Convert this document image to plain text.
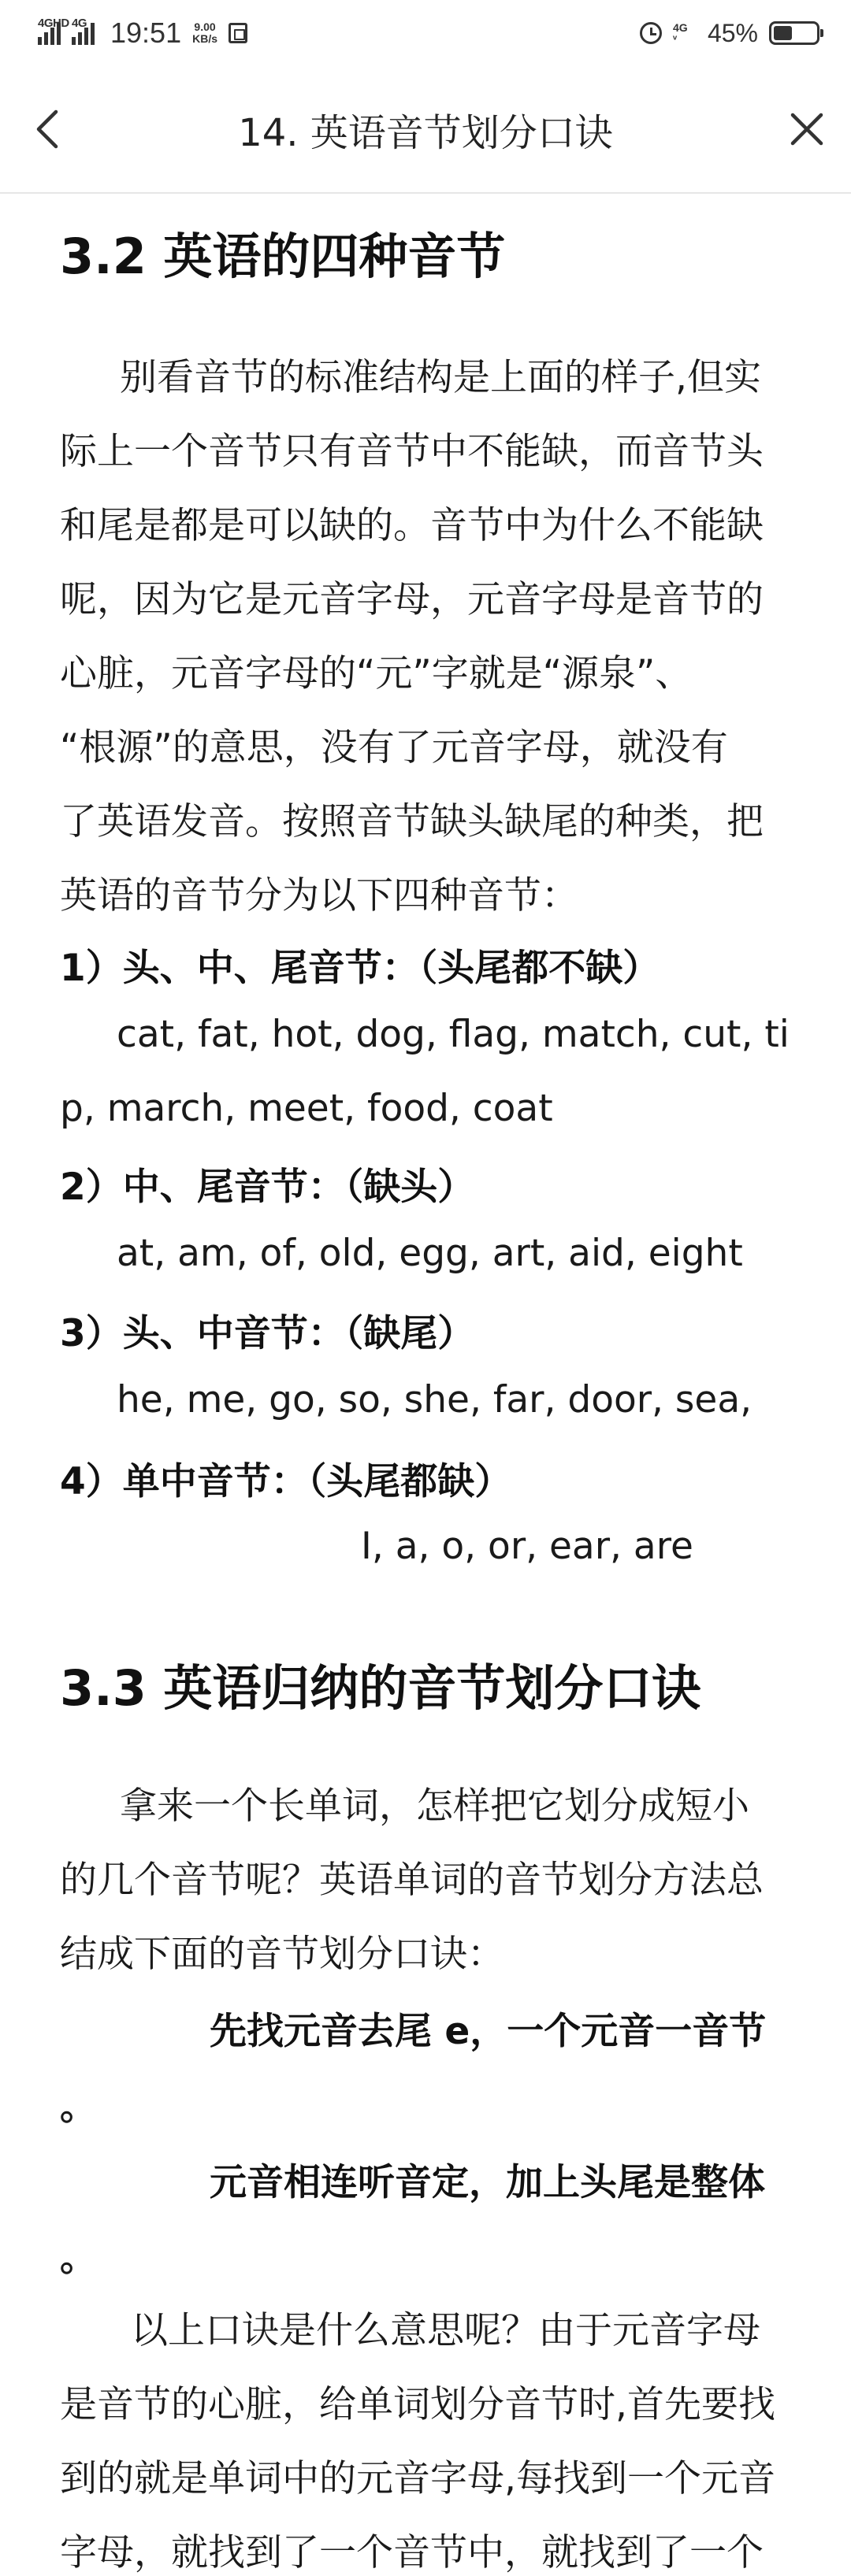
4GHD 4G 19:51 9.00
KB/s
4G
ᵛ	45%
14. 英语音节划分口诀
3.2 英语的四种音节
别看音节的标准结构是上面的样子,但实
际上一个音节只有音节中不能缺，而音节头
和尾是都是可以缺的。音节中为什么不能缺
呢，因为它是元音字母，元音字母是音节的
心脏，元音字母的“元”字就是“源泉”、
“根源”的意思，没有了元音字母，就没有
了英语发音。按照音节缺头缺尾的种类，把
英语的音节分为以下四种音节：
1）头、中、尾音节：（头尾都不缺）
cat, fat, hot, dog, flag, match, cut, ti
p, march, meet, food, coat
2）中、尾音节：（缺头）
at, am, of, old, egg, art, aid, eight
3）头、中音节：（缺尾）
he, me, go, so, she, far, door, sea,
4）单中音节：（头尾都缺）
I, a, o, or, ear, are
3.3 英语归纳的音节划分口诀
拿来一个长单词，怎样把它划分成短小
的几个音节呢？英语单词的音节划分方法总
结成下面的音节划分口诀：
先找元音去尾 e，一个元音一音节
。
元音相连听音定，加上头尾是整体
。
以上口诀是什么意思呢？由于元音字母
是音节的心脏，给单词划分音节时,首先要找
到的就是单词中的元音字母,每找到一个元音
字母，就找到了一个音节中，就找到了一个
